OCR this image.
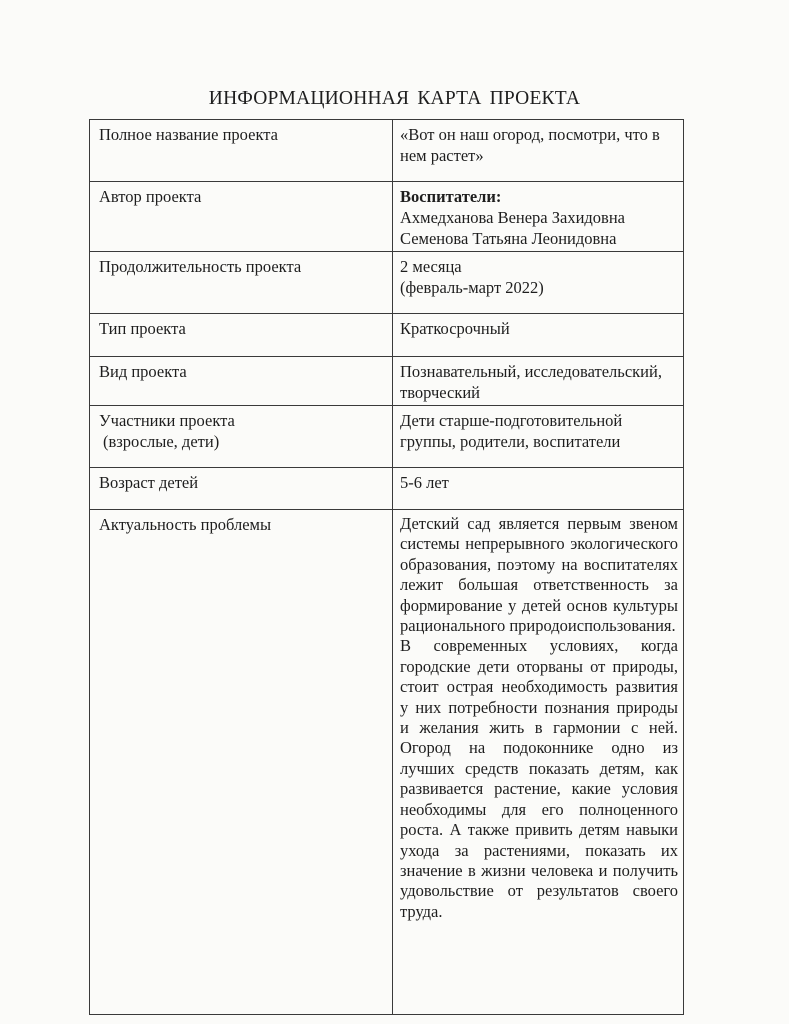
ИНФОРМАЦИОННАЯ КАРТА ПРОЕКТА
Полное название проекта	«Вот он наш огород, посмотри, что в нем растет»
Автор проекта	Воспитатели:
Ахмедханова Венера Захидовна
Семенова Татьяна Леонидовна

Продолжительность проекта	2 месяца
(февраль-март 2022)

Тип проекта	Краткосрочный
Вид проекта	Познавательный, исследовательский, творческий

Участники проекта
(взрослые, дети)	Дети старше-подготовительной группы, родители, воспитатели
Возраст детей	5-6 лет
Актуальность проблемы	Детский сад является первым звеном системы непрерывного экологического образования, поэтому на воспитателях лежит большая ответственность за формирование у детей основ культуры рационального природоиспользования.
В современных условиях, когда городские дети оторваны от природы, стоит острая необходимость развития у них потребности познания природы и желания жить в гармонии с ней. Огород на подоконнике одно из лучших средств показать детям, как развивается растение, какие условия необходимы для его полноценного роста. А также привить детям навыки ухода за растениями, показать их значение в жизни человека и получить удовольствие от результатов своего труда.
